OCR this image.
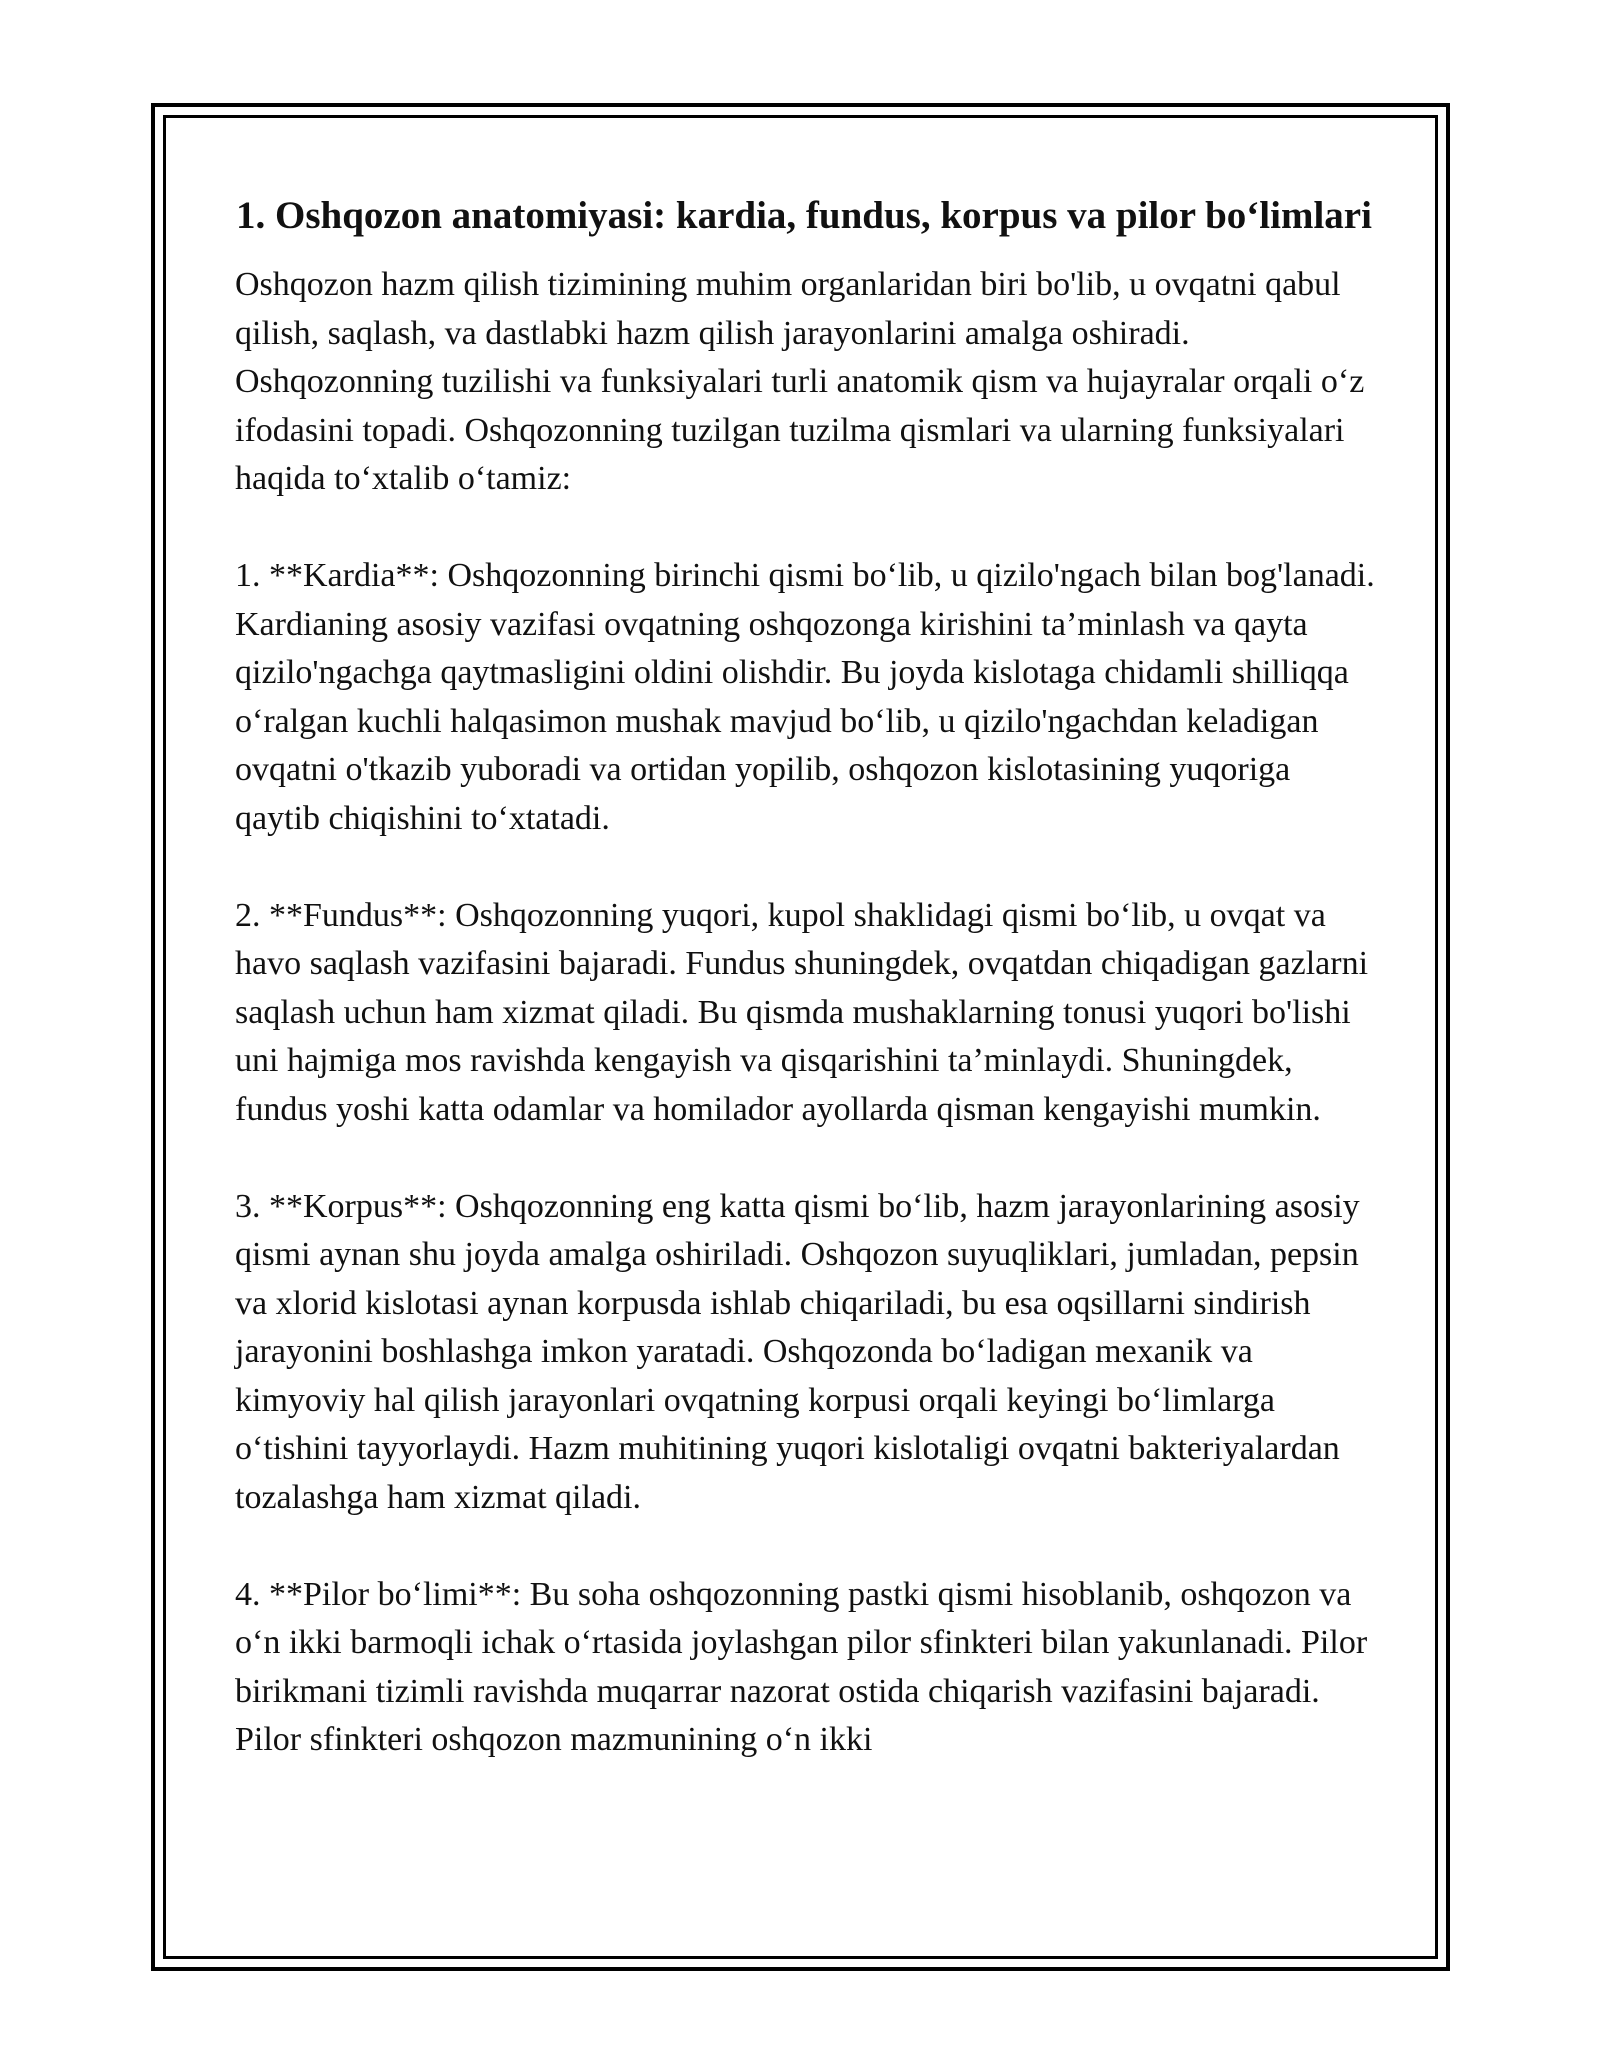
1. Oshqozon anatomiyasi: kardia, fundus, korpus va pilor bo‘limlari

Oshqozon hazm qilish tizimining muhim organlaridan biri bo'lib, u ovqatni qabul qilish, saqlash, va dastlabki hazm qilish jarayonlarini amalga oshiradi. Oshqozonning tuzilishi va funksiyalari turli anatomik qism va hujayralar orqali o‘z ifodasini topadi. Oshqozonning tuzilgan tuzilma qismlari va ularning funksiyalari haqida to‘xtalib o‘tamiz:

1. **Kardia**: Oshqozonning birinchi qismi bo‘lib, u qizilo'ngach bilan bog'lanadi. Kardianing asosiy vazifasi ovqatning oshqozonga kirishini ta’minlash va qayta qizilo'ngachga qaytmasligini oldini olishdir. Bu joyda kislotaga chidamli shilliqqa o‘ralgan kuchli halqasimon mushak mavjud bo‘lib, u qizilo'ngachdan keladigan ovqatni o'tkazib yuboradi va ortidan yopilib, oshqozon kislotasining yuqoriga qaytib chiqishini to‘xtatadi.

2. **Fundus**: Oshqozonning yuqori, kupol shaklidagi qismi bo‘lib, u ovqat va havo saqlash vazifasini bajaradi. Fundus shuningdek, ovqatdan chiqadigan gazlarni saqlash uchun ham xizmat qiladi. Bu qismda mushaklarning tonusi yuqori bo'lishi uni hajmiga mos ravishda kengayish va qisqarishini ta’minlaydi. Shuningdek, fundus yoshi katta odamlar va homilador ayollarda qisman kengayishi mumkin.

3. **Korpus**: Oshqozonning eng katta qismi bo‘lib, hazm jarayonlarining asosiy qismi aynan shu joyda amalga oshiriladi. Oshqozon suyuqliklari, jumladan, pepsin va xlorid kislotasi aynan korpusda ishlab chiqariladi, bu esa oqsillarni sindirish jarayonini boshlashga imkon yaratadi. Oshqozonda bo‘ladigan mexanik va kimyoviy hal qilish jarayonlari ovqatning korpusi orqali keyingi bo‘limlarga o‘tishini tayyorlaydi. Hazm muhitining yuqori kislotaligi ovqatni bakteriyalardan tozalashga ham xizmat qiladi.

4. **Pilor bo‘limi**: Bu soha oshqozonning pastki qismi hisoblanib, oshqozon va o‘n ikki barmoqli ichak o‘rtasida joylashgan pilor sfinkteri bilan yakunlanadi. Pilor birikmani tizimli ravishda muqarrar nazorat ostida chiqarish vazifasini bajaradi. Pilor sfinkteri oshqozon mazmunining o‘n ikki
